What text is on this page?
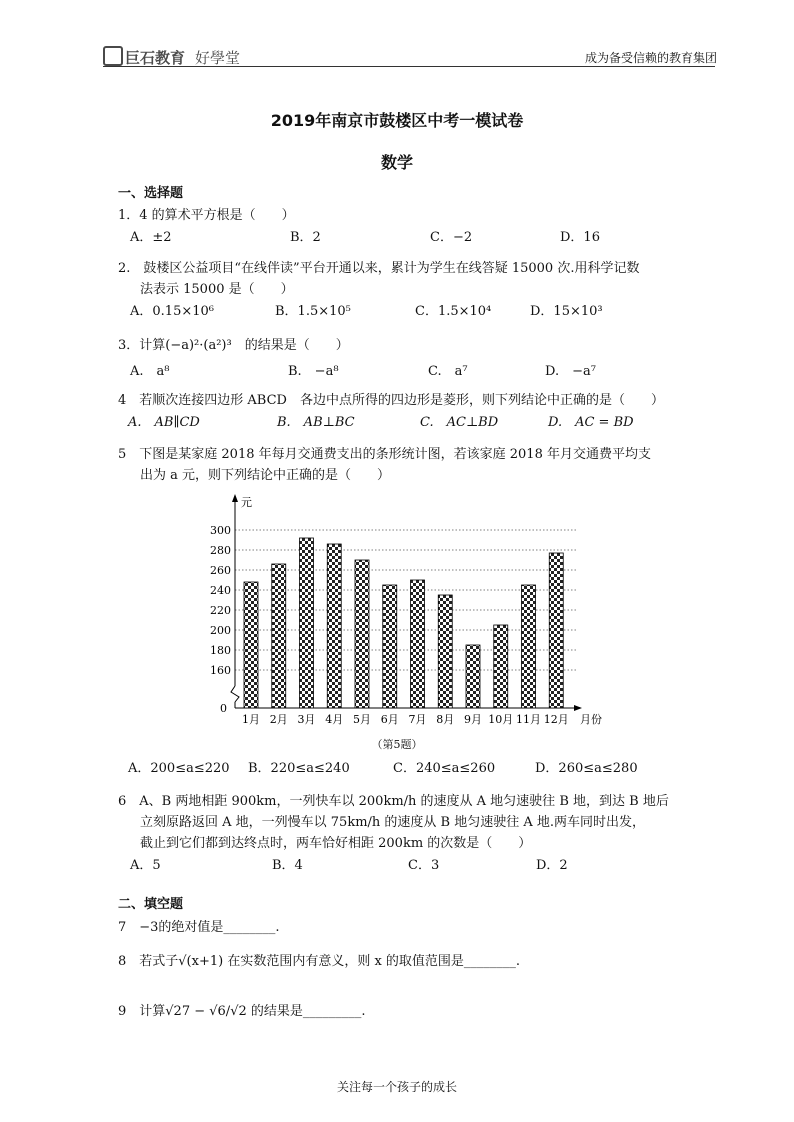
巨石教育 好學堂	成为备受信赖的教育集团
2019年南京市鼓楼区中考一模试卷
数学
一、选择题
1．4 的算术平方根是（　　）
A．±2	B．2	C．−2	D．16
2.　鼓楼区公益项目“在线伴读”平台开通以来，累计为学生在线答疑 15000 次.用科学记数
法表示 15000 是（　　）
A．0.15×10⁶	B．1.5×10⁵	C．1.5×10⁴	D．15×10³
3．计算(−a)²·(a²)³　的结果是（　　）
A.　a⁸	B.　−a⁸	C.　a⁷	D.　−a⁷
4　若顺次连接四边形 ABCD　各边中点所得的四边形是菱形，则下列结论中正确的是（　　）
A.　AB∥CD	B.　AB⊥BC	C.　AC⊥BD	D.　AC = BD
5　下图是某家庭 2018 年每月交通费支出的条形统计图，若该家庭 2018 年月交通费平均支
出为 a 元，则下列结论中正确的是（　　）
0
160
180
200
220
240
260
280
300
元
月份
1月 2月 3月 4月 5月 6月 7月 8月 9月 10月 11月 12月
（第5题）
A．200≤a≤220 B．220≤a≤240	C．240≤a≤260	D．260≤a≤280
6　A、B 两地相距 900km，一列快车以 200km/h 的速度从 A 地匀速驶往 B 地，到达 B 地后
立刻原路返回 A 地，一列慢车以 75km/h 的速度从 B 地匀速驶往 A 地.两车同时出发，
截止到它们都到达终点时，两车恰好相距 200km 的次数是（　　）
A．5	B．4	C．3	D．2
二、填空题
7　−3的绝对值是________.
8　若式子√(x+1) 在实数范围内有意义，则 x 的取值范围是________.
9　计算√27 − √6/√2 的结果是_________.
关注每一个孩子的成长
